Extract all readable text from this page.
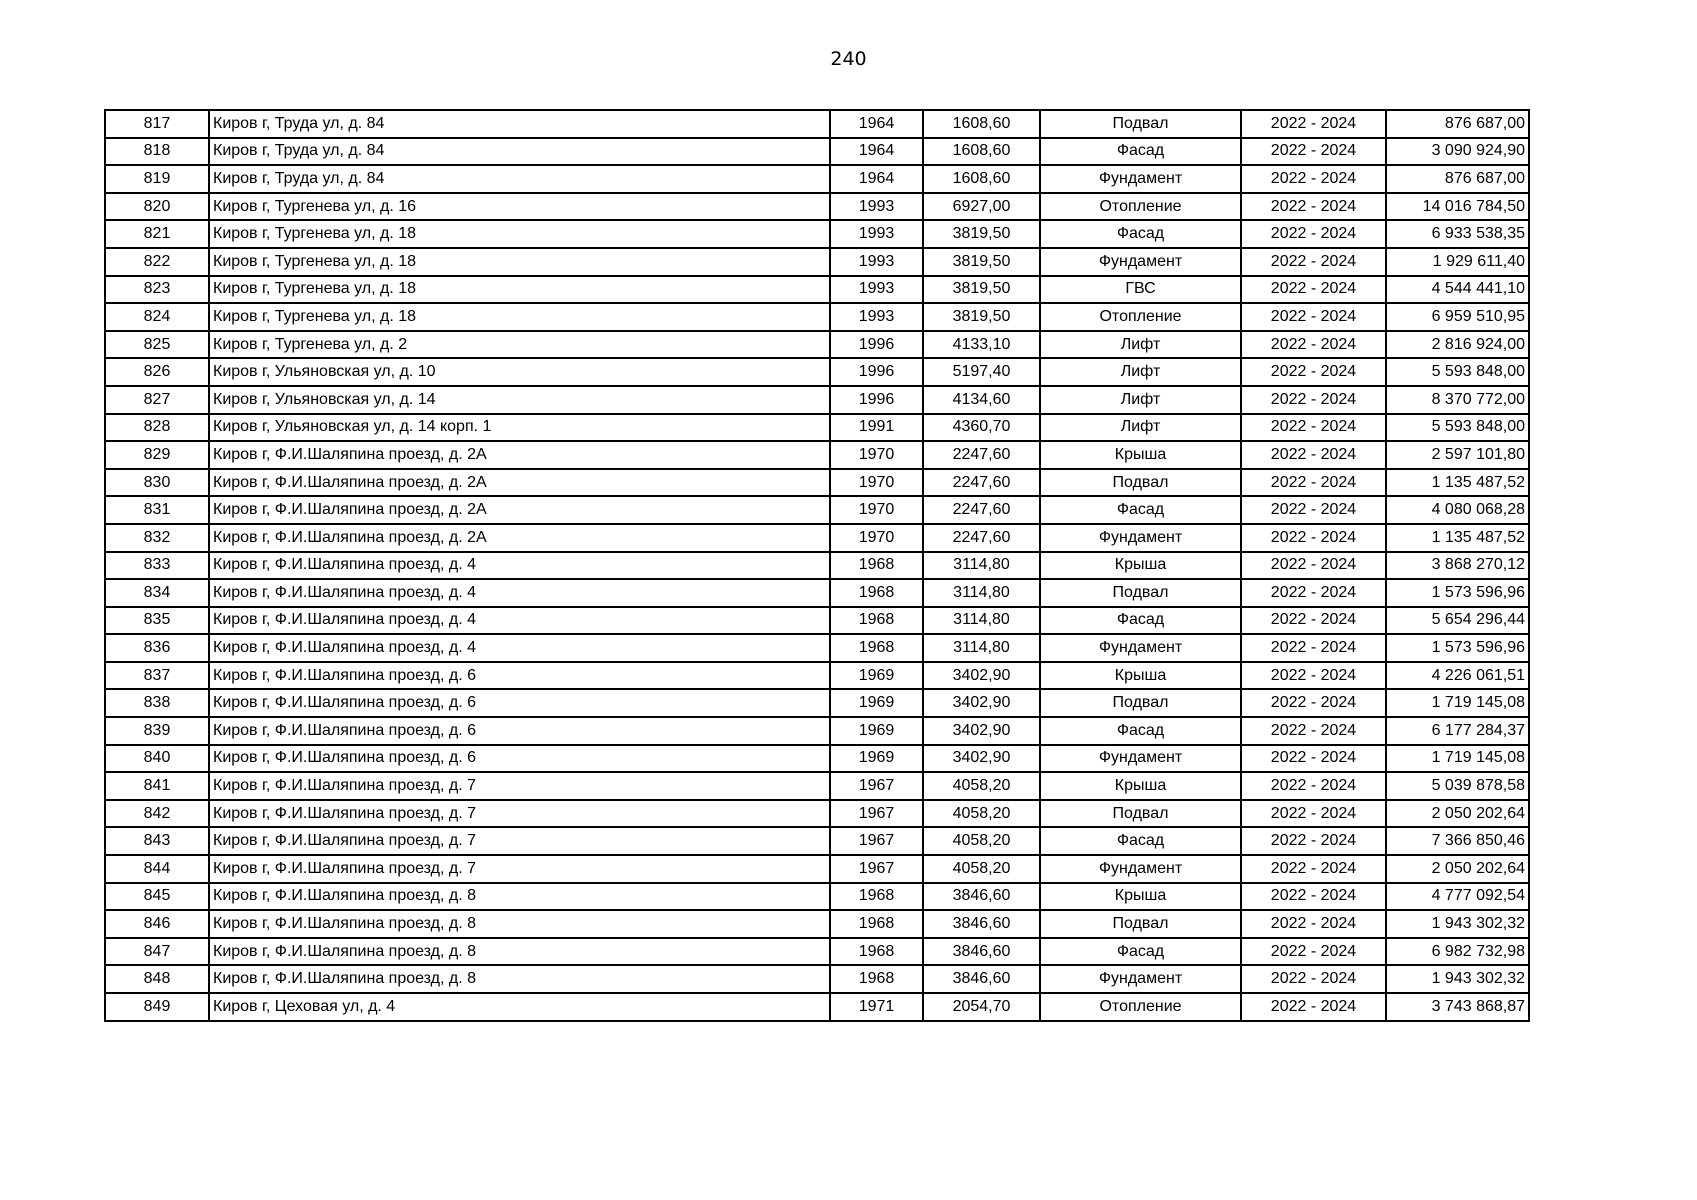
240
817	Киров г, Труда ул, д. 84	1964	1608,60	Подвал	2022 - 2024	876 687,00
818	Киров г, Труда ул, д. 84	1964	1608,60	Фасад	2022 - 2024	3 090 924,90
819	Киров г, Труда ул, д. 84	1964	1608,60	Фундамент	2022 - 2024	876 687,00
820	Киров г, Тургенева ул, д. 16	1993	6927,00	Отопление	2022 - 2024	14 016 784,50
821	Киров г, Тургенева ул, д. 18	1993	3819,50	Фасад	2022 - 2024	6 933 538,35
822	Киров г, Тургенева ул, д. 18	1993	3819,50	Фундамент	2022 - 2024	1 929 611,40
823	Киров г, Тургенева ул, д. 18	1993	3819,50	ГВС	2022 - 2024	4 544 441,10
824	Киров г, Тургенева ул, д. 18	1993	3819,50	Отопление	2022 - 2024	6 959 510,95
825	Киров г, Тургенева ул, д. 2	1996	4133,10	Лифт	2022 - 2024	2 816 924,00
826	Киров г, Ульяновская ул, д. 10	1996	5197,40	Лифт	2022 - 2024	5 593 848,00
827	Киров г, Ульяновская ул, д. 14	1996	4134,60	Лифт	2022 - 2024	8 370 772,00
828	Киров г, Ульяновская ул, д. 14 корп. 1	1991	4360,70	Лифт	2022 - 2024	5 593 848,00
829	Киров г, Ф.И.Шаляпина проезд, д. 2А	1970	2247,60	Крыша	2022 - 2024	2 597 101,80
830	Киров г, Ф.И.Шаляпина проезд, д. 2А	1970	2247,60	Подвал	2022 - 2024	1 135 487,52
831	Киров г, Ф.И.Шаляпина проезд, д. 2А	1970	2247,60	Фасад	2022 - 2024	4 080 068,28
832	Киров г, Ф.И.Шаляпина проезд, д. 2А	1970	2247,60	Фундамент	2022 - 2024	1 135 487,52
833	Киров г, Ф.И.Шаляпина проезд, д. 4	1968	3114,80	Крыша	2022 - 2024	3 868 270,12
834	Киров г, Ф.И.Шаляпина проезд, д. 4	1968	3114,80	Подвал	2022 - 2024	1 573 596,96
835	Киров г, Ф.И.Шаляпина проезд, д. 4	1968	3114,80	Фасад	2022 - 2024	5 654 296,44
836	Киров г, Ф.И.Шаляпина проезд, д. 4	1968	3114,80	Фундамент	2022 - 2024	1 573 596,96
837	Киров г, Ф.И.Шаляпина проезд, д. 6	1969	3402,90	Крыша	2022 - 2024	4 226 061,51
838	Киров г, Ф.И.Шаляпина проезд, д. 6	1969	3402,90	Подвал	2022 - 2024	1 719 145,08
839	Киров г, Ф.И.Шаляпина проезд, д. 6	1969	3402,90	Фасад	2022 - 2024	6 177 284,37
840	Киров г, Ф.И.Шаляпина проезд, д. 6	1969	3402,90	Фундамент	2022 - 2024	1 719 145,08
841	Киров г, Ф.И.Шаляпина проезд, д. 7	1967	4058,20	Крыша	2022 - 2024	5 039 878,58
842	Киров г, Ф.И.Шаляпина проезд, д. 7	1967	4058,20	Подвал	2022 - 2024	2 050 202,64
843	Киров г, Ф.И.Шаляпина проезд, д. 7	1967	4058,20	Фасад	2022 - 2024	7 366 850,46
844	Киров г, Ф.И.Шаляпина проезд, д. 7	1967	4058,20	Фундамент	2022 - 2024	2 050 202,64
845	Киров г, Ф.И.Шаляпина проезд, д. 8	1968	3846,60	Крыша	2022 - 2024	4 777 092,54
846	Киров г, Ф.И.Шаляпина проезд, д. 8	1968	3846,60	Подвал	2022 - 2024	1 943 302,32
847	Киров г, Ф.И.Шаляпина проезд, д. 8	1968	3846,60	Фасад	2022 - 2024	6 982 732,98
848	Киров г, Ф.И.Шаляпина проезд, д. 8	1968	3846,60	Фундамент	2022 - 2024	1 943 302,32
849	Киров г, Цеховая ул, д. 4	1971	2054,70	Отопление	2022 - 2024	3 743 868,87
